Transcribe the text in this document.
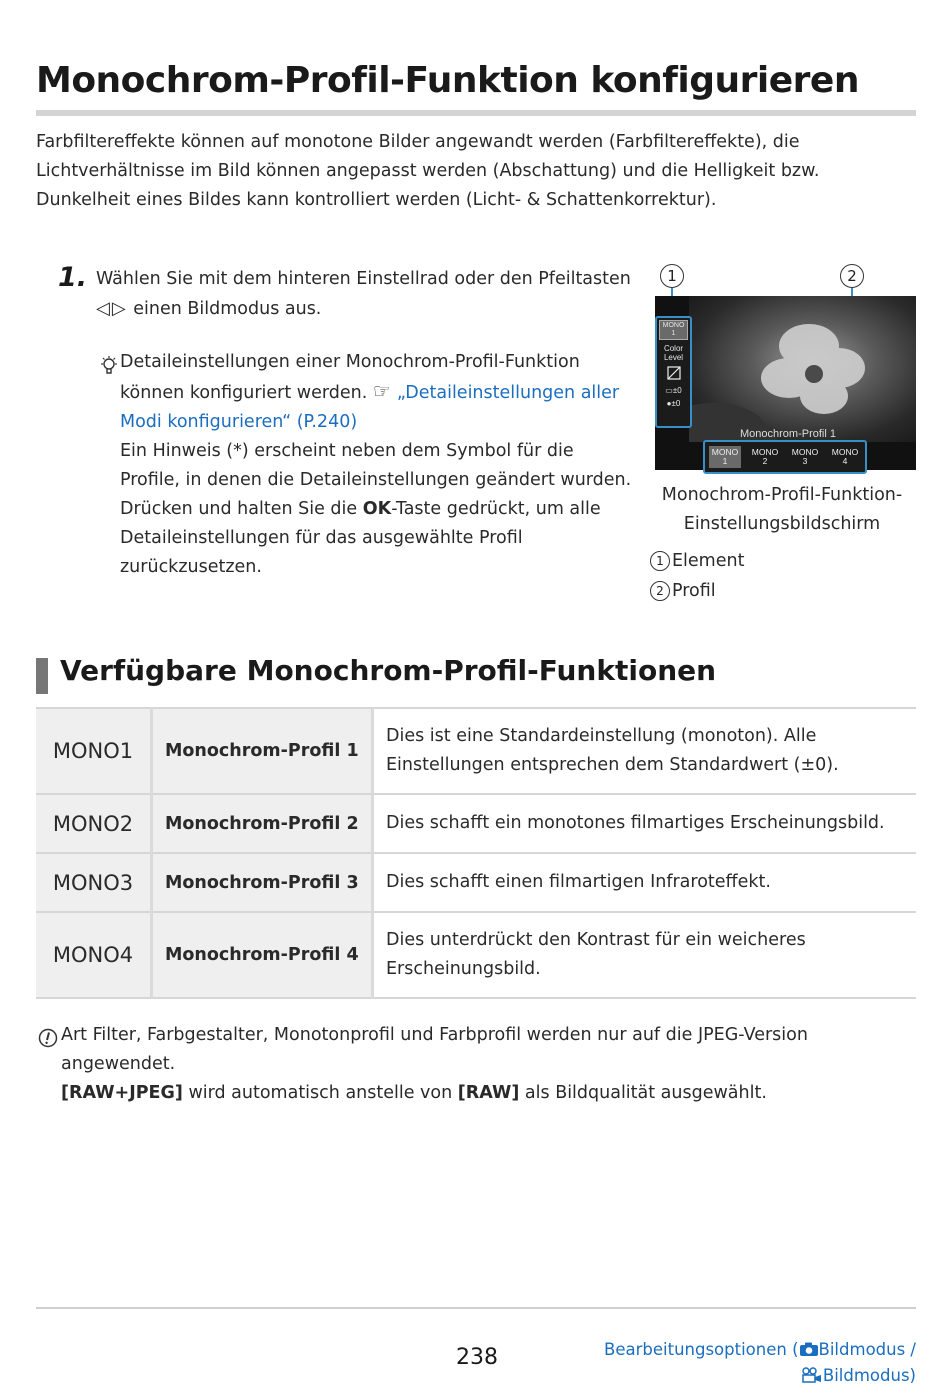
Monochrom-Profil-Funktion konfigurieren

Farbfiltereffekte können auf monotone Bilder angewandt werden (Farbfiltereffekte), die Lichtverhältnisse im Bild können angepasst werden (Abschattung) und die Helligkeit bzw. Dunkelheit eines Bildes kann kontrolliert werden (Licht- & Schattenkorrektur).

1. Wählen Sie mit dem hinteren Einstellrad oder den Pfeiltasten
◁▷ einen Bildmodus aus.
Detaileinstellungen einer Monochrom-Profil-Funktion
können konfiguriert werden. ☞ „Detaileinstellungen aller Modi konfigurieren“ (P.240)
Ein Hinweis (*) erscheint neben dem Symbol für die Profile, in denen die Detaileinstellungen geändert wurden. Drücken und halten Sie die OK-Taste gedrückt, um alle Detaileinstellungen für das ausgewählte Profil zurückzusetzen.
1	2
MONO
1
Color
Level
▭±0
●±0
Monochrom-Profil 1
MONO
1
MONO
2
MONO
3
MONO
4
Monochrom-Profil-Funktion-Einstellungsbildschirm
1 Element
2 Profil
Verfügbare Monochrom-Profil-Funktionen
MONO1	Monochrom-Profil 1	Dies ist eine Standardeinstellung (monoton). Alle Einstellungen entsprechen dem Standardwert (±0).
MONO2	Monochrom-Profil 2	Dies schafft ein monotones filmartiges Erscheinungsbild.
MONO3	Monochrom-Profil 3	Dies schafft einen filmartigen Infraroteffekt.
MONO4	Monochrom-Profil 4	Dies unterdrückt den Kontrast für ein weicheres Erscheinungsbild.
Art Filter, Farbgestalter, Monotonprofil und Farbprofil werden nur auf die JPEG-Version angewendet.
[RAW+JPEG] wird automatisch anstelle von [RAW] als Bildqualität ausgewählt.
238	Bearbeitungsoptionen ( Bildmodus /
Bildmodus)
